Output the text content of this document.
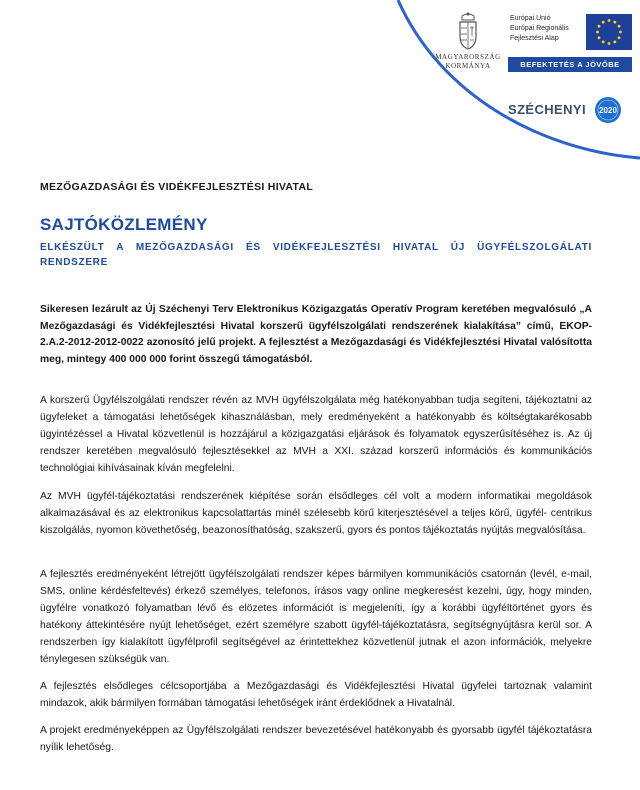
MAGYARORSZÁG
KORMÁNYA
Európai Unió
Európai Regionális
Fejlesztési Alap
BEFEKTETÉS A JÖVŐBE
SZÉCHENYI 2020
MEZŐGAZDASÁGI ÉS VIDÉKFEJLESZTÉSI HIVATAL
SAJTÓKÖZLEMÉNY
ELKÉSZÜLT A MEZŐGAZDASÁGI ÉS VIDÉKFEJLESZTÉSI HIVATAL ÚJ ÜGYFÉLSZOLGÁLATI RENDSZERE
Sikeresen lezárult az Új Széchenyi Terv Elektronikus Közigazgatás Operatív Program keretében megvalósuló „A Mezőgazdasági és Vidékfejlesztési Hivatal korszerű ügyfélszolgálati rendszerének kialakítása” című, EKOP-2.A.2-2012-2012-0022 azonosító jelű projekt. A fejlesztést a Mezőgazdasági és Vidékfejlesztési Hivatal valósította meg, mintegy 400 000 000 forint összegű támogatásból.
A korszerű Ügyfélszolgálati rendszer révén az MVH ügyfélszolgálata még hatékonyabban tudja segíteni, tájékoztatni az ügyfeleket a támogatási lehetőségek kihasználásban, mely eredményeként a hatékonyabb és költségtakarékosabb ügyintézéssel a Hivatal közvetlenül is hozzájárul a közigazgatási eljárások és folyamatok egyszerűsítéséhez is. Az új rendszer keretében megvalósuló fejlesztésekkel az MVH a XXI. század korszerű információs és kommunikációs technológiai kihívásainak kíván megfelelni.
Az MVH ügyfél-tájékoztatási rendszerének kiépítése során elsődleges cél volt a modern informatikai megoldások alkalmazásával és az elektronikus kapcsolattartás minél szélesebb körű kiterjesztésével a teljes körű, ügyfél- centrikus kiszolgálás, nyomon követhetőség, beazonosíthatóság, szakszerű, gyors és pontos tájékoztatás nyújtás megvalósítása.
A fejlesztés eredményeként létrejött ügyfélszolgálati rendszer képes bármilyen kommunikációs csatornán (levél, e-mail, SMS, online kérdésfeltevés) érkező személyes, telefonos, írásos vagy online megkeresést kezelni, úgy, hogy minden, ügyfélre vonatkozó folyamatban lévő és elözetes információt is megjeleníti, így a korábbi ügyféltörténet gyors és hatékony áttekintésére nyújt lehetőséget, ezért személyre szabott ügyfél-tájékoztatásra, segítségnyújtásra kerül sor. A rendszerben így kialakított ügyfélprofil segítségével az érintettekhez közvetlenül jutnak el azon információk, melyekre ténylegesen szükségük van.
A fejlesztés elsődleges célcsoportjába a Mezőgazdasági és Vidékfejlesztési Hivatal ügyfelei tartoznak valamint mindazok, akik bármilyen formában támogatási lehetőségek iránt érdeklődnek a Hivatalnál.
A projekt eredményeképpen az Ügyfélszolgálati rendszer bevezetésével hatékonyabb és gyorsabb ügyfél tájékoztatásra nyílik lehetőség.
